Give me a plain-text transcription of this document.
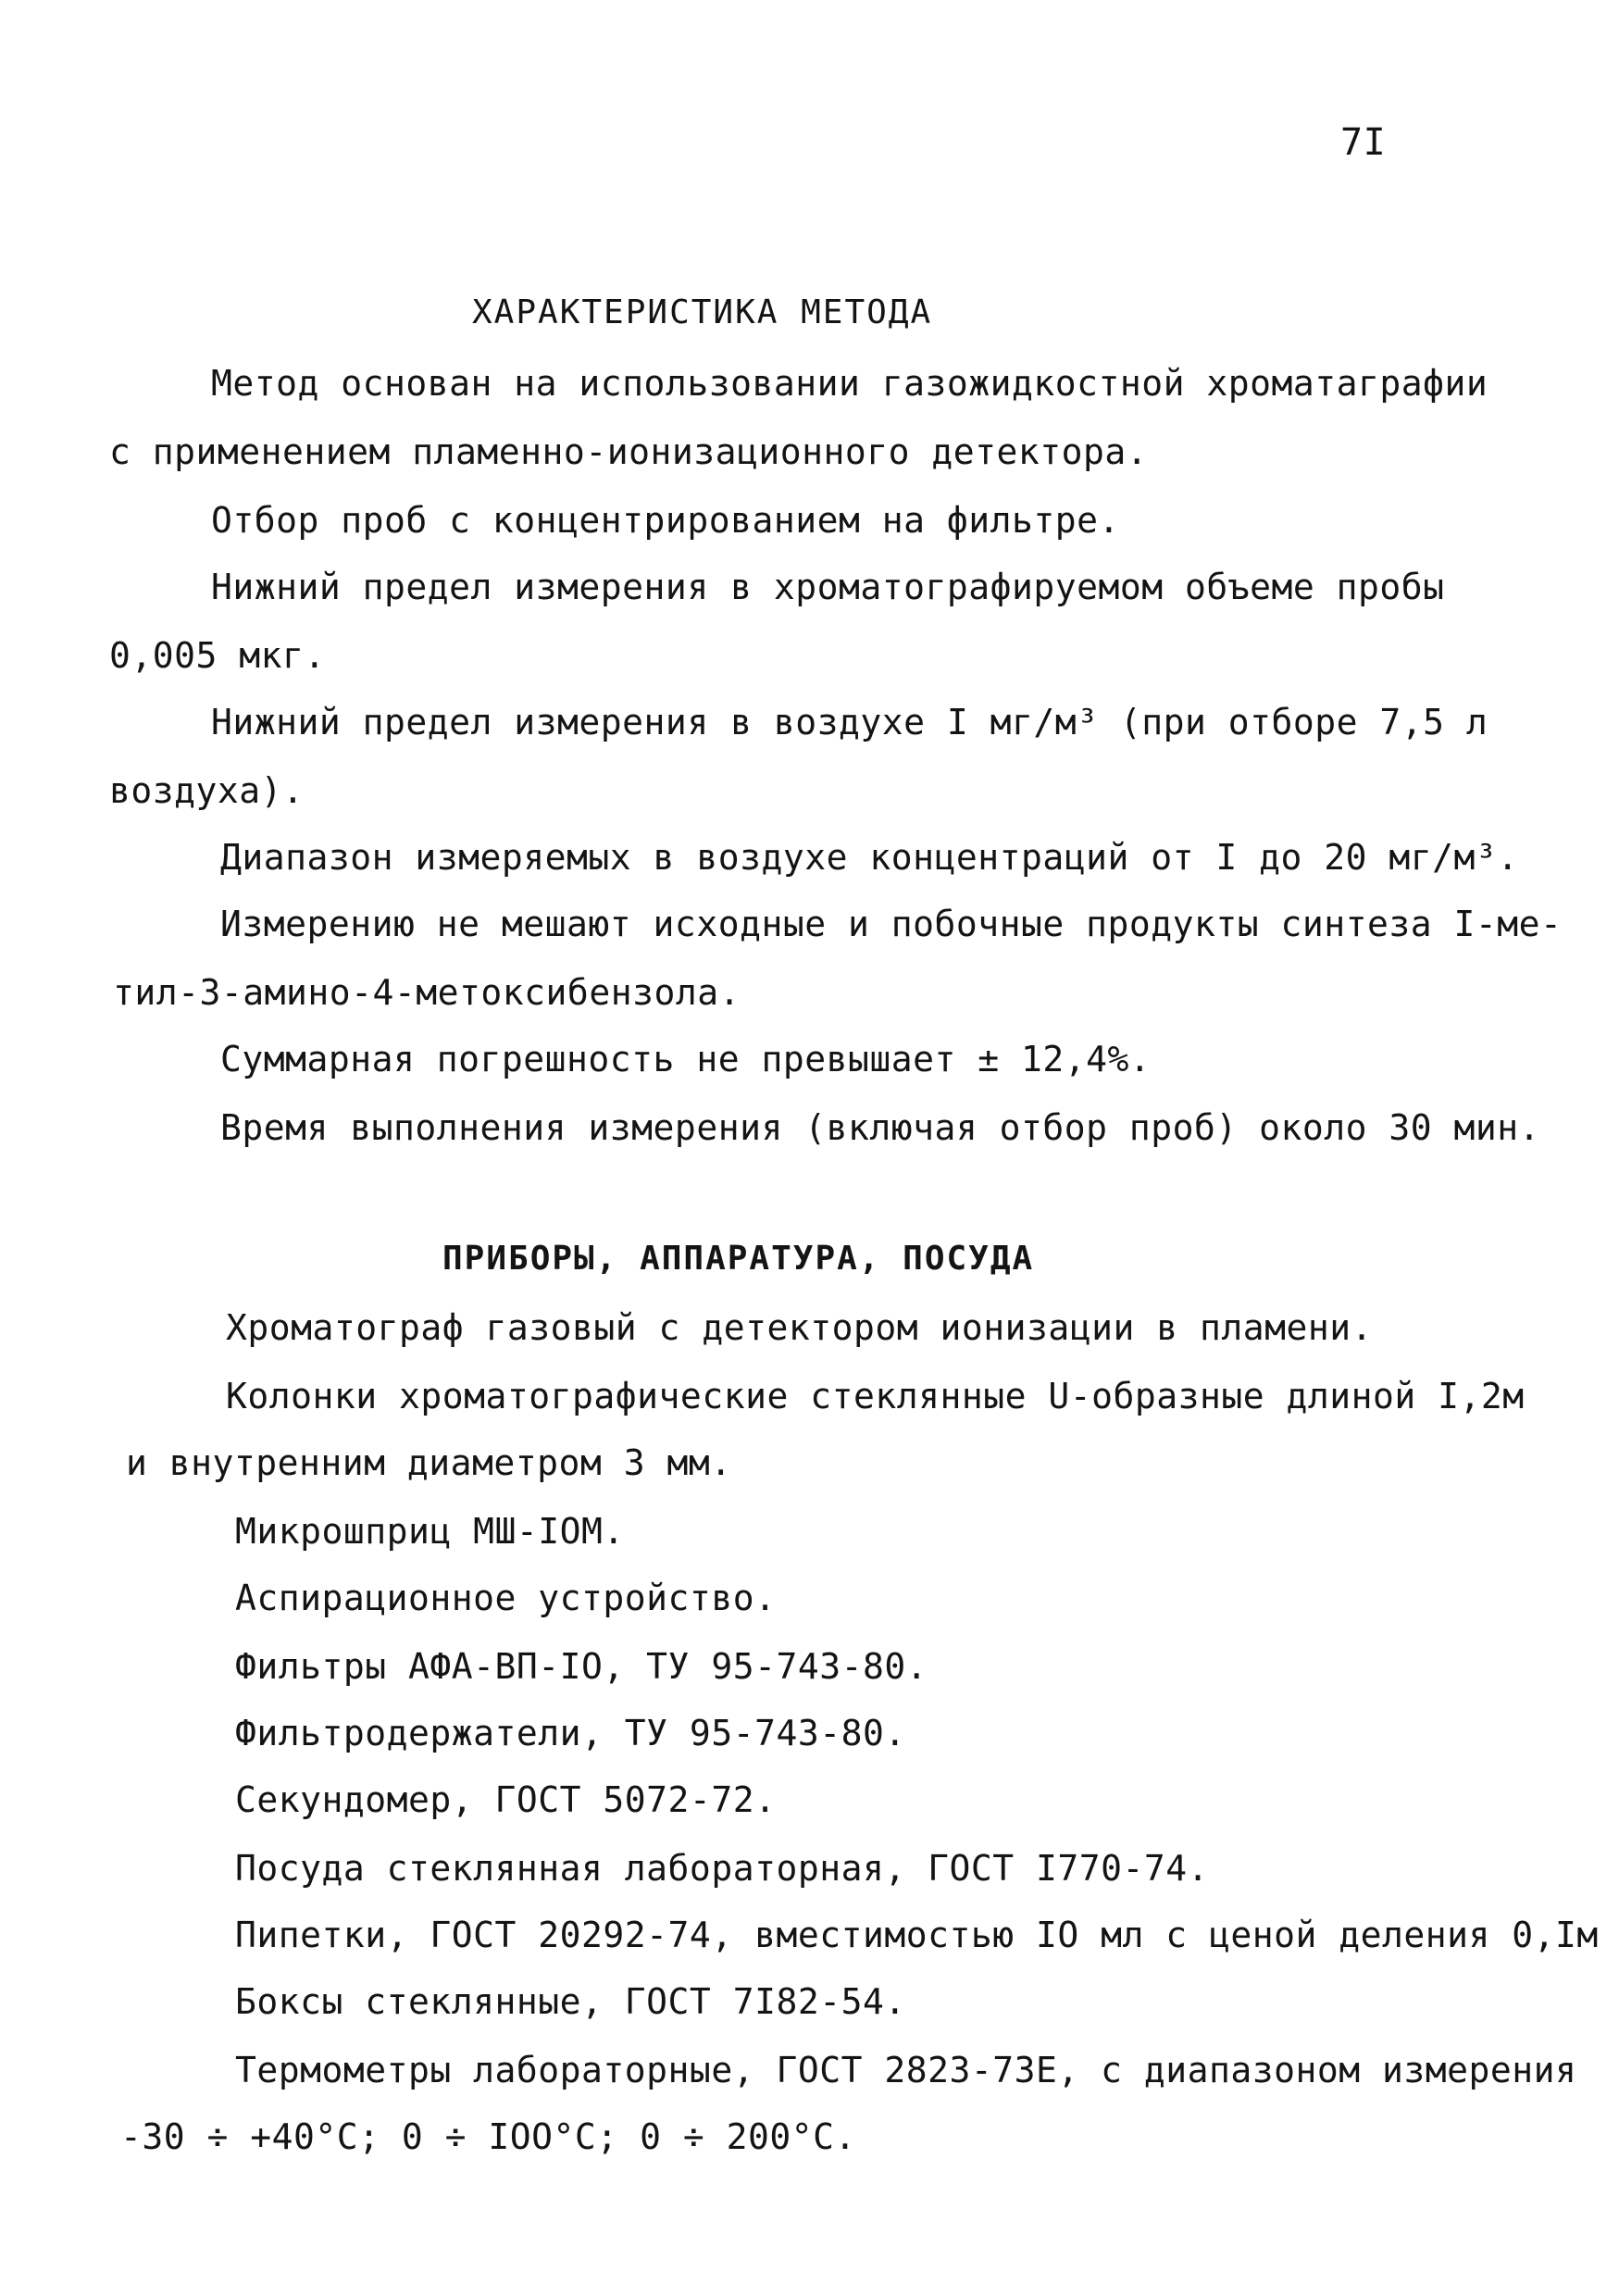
7I
ХАРАКТЕРИСТИКА МЕТОДА
Метод основан на использовании газожидкостной хроматаграфии
с применением пламенно-ионизационного детектора.
Отбор проб с концентрированием на фильтре.
Нижний предел измерения в хроматографируемом объеме пробы
0,005 мкг.
Нижний предел измерения в воздухе I мг/м³ (при отборе 7,5 л
воздуха).
Диапазон измеряемых в воздухе концентраций от I до 20 мг/м³.
Измерению не мешают исходные и побочные продукты синтеза I-ме-
тил-3-амино-4-метоксибензола.
Суммарная погрешность не превышает ± 12,4%.
Время выполнения измерения (включая отбор проб) около 30 мин.
ПРИБОРЫ, АППАРАТУРА, ПОСУДА
Хроматограф газовый с детектором ионизации в пламени.
Колонки хроматографические стеклянные U-образные длиной I,2м
и внутренним диаметром 3 мм.
Микрошприц МШ-IОМ.
Аспирационное устройство.
Фильтры АФА-ВП-IО, ТУ 95-743-80.
Фильтродержатели, ТУ 95-743-80.
Секундомер, ГОСТ 5072-72.
Посуда стеклянная лабораторная, ГОСТ I770-74.
Пипетки, ГОСТ 20292-74, вместимостью IО мл с ценой деления 0,Iм
Боксы стеклянные, ГОСТ 7I82-54.
Термометры лабораторные, ГОСТ 2823-73Е, с диапазоном измерения
-30 ÷ +40°С; 0 ÷ IОО°С; 0 ÷ 200°С.
